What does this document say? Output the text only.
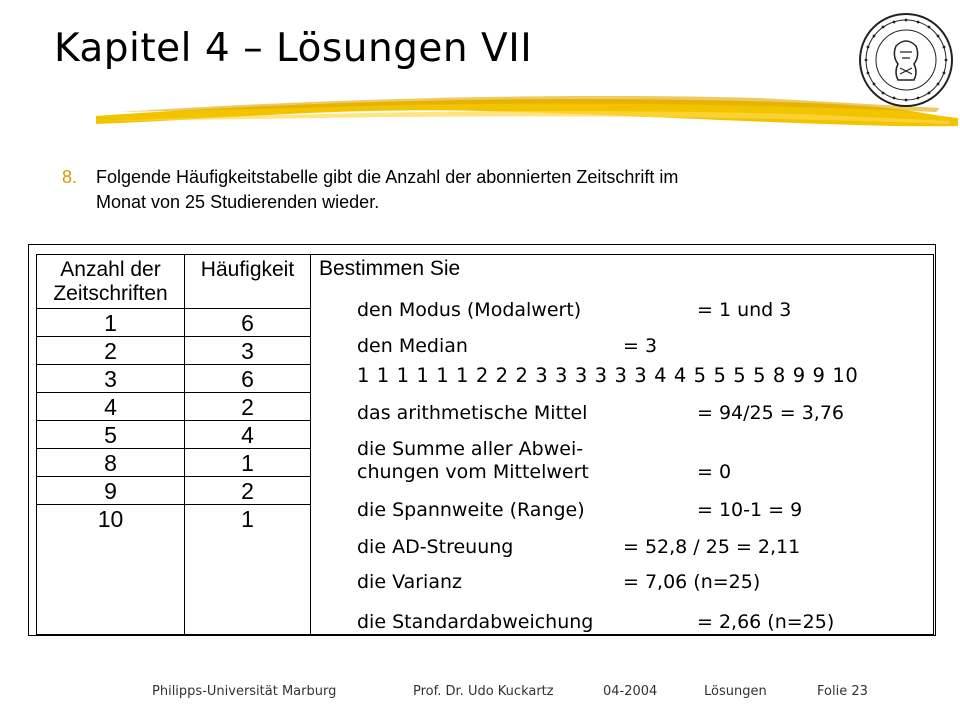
Kapitel 4 – Lösungen VII
8. Folgende Häufigkeitstabelle gibt die Anzahl der abonnierten Zeitschrift im
Monat von 25 Studierenden wieder.
Anzahl der
Zeitschriften
Häufigkeit
1	6
2	3
3	6
4	2
5	4
8	1
9	2
10	1
Bestimmen Sie
den Modus (Modalwert)	= 1 und 3
den Median	= 3
1 1 1 1 1 1 2 2 2 3 3 3 3 3 3 4 4 5 5 5 5 8 9 9 10
das arithmetische Mittel	= 94/25 = 3,76
die Summe aller Abwei-
chungen vom Mittelwert	= 0
die Spannweite (Range)	= 10-1 = 9
die AD-Streuung	= 52,8 / 25 = 2,11
die Varianz	= 7,06 (n=25)
die Standardabweichung	= 2,66 (n=25)
Philipps-Universität Marburg	Prof. Dr. Udo Kuckartz	04-2004	Lösungen	Folie 23
